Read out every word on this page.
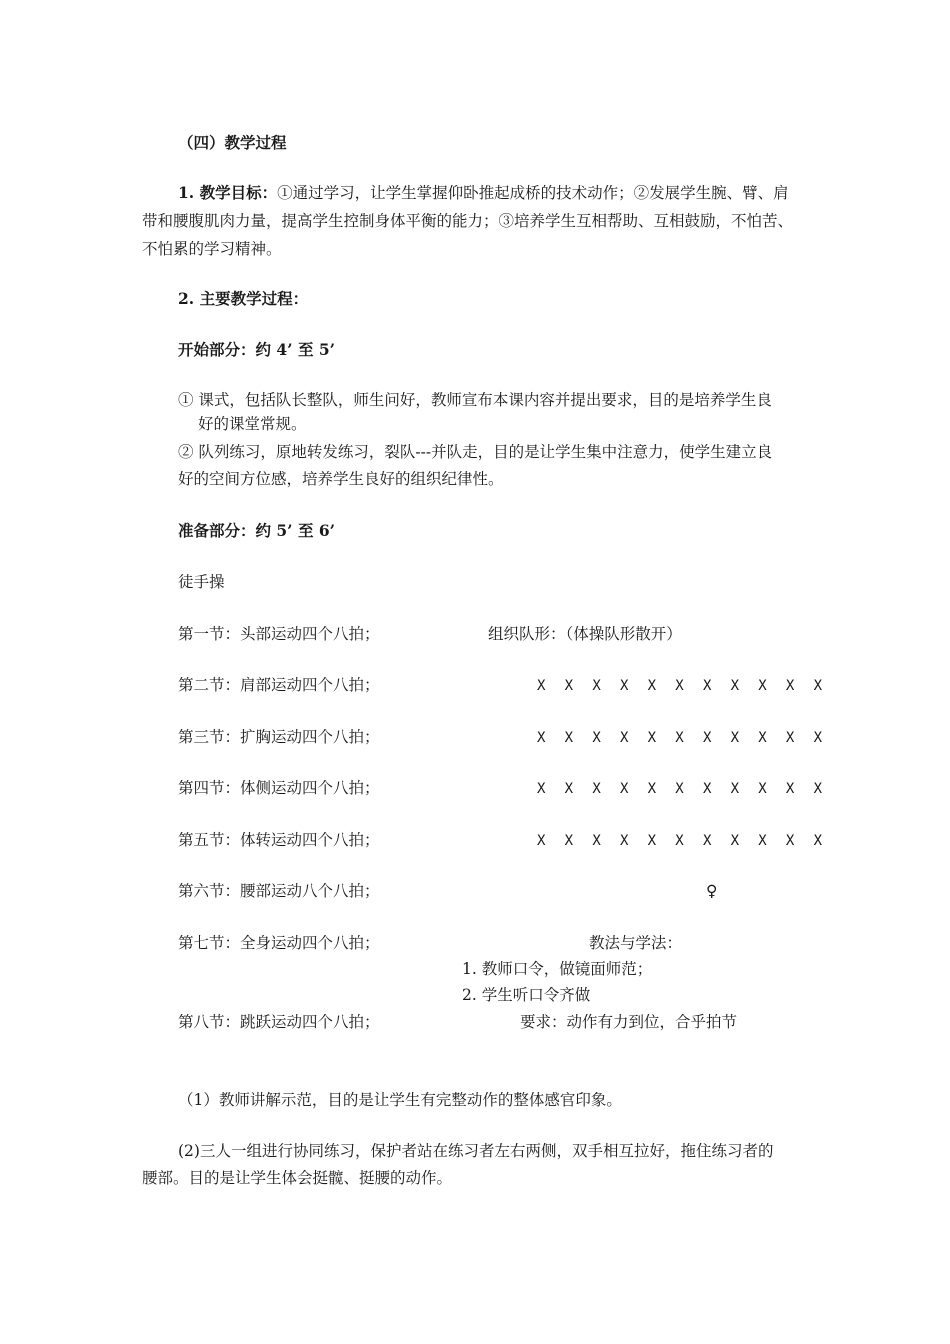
（四）教学过程
1. 教学目标：①通过学习，让学生掌握仰卧推起成桥的技术动作；②发展学生腕、臂、肩
带和腰腹肌肉力量，提高学生控制身体平衡的能力；③培养学生互相帮助、互相鼓励，不怕苦、
不怕累的学习精神。
2. 主要教学过程：
开始部分：约 4’ 至 5’
① 课式，包括队长整队，师生问好，教师宣布本课内容并提出要求，目的是培养学生良
好的课堂常规。
② 队列练习，原地转发练习，裂队---并队走，目的是让学生集中注意力，使学生建立良
好的空间方位感，培养学生良好的组织纪律性。
准备部分：约 5’ 至 6’
徒手操
第一节：头部运动四个八拍；
第二节：肩部运动四个八拍；
第三节：扩胸运动四个八拍；
第四节：体侧运动四个八拍；
第五节：体转运动四个八拍；
第六节：腰部运动八个八拍；
第七节：全身运动四个八拍；
第八节：跳跃运动四个八拍；
组织队形：（体操队形散开）
X X X X X X X X X X X
X X X X X X X X X X X
X X X X X X X X X X X
X X X X X X X X X X X
♀
教法与学法：
1. 教师口令，做镜面师范；
2. 学生听口令齐做
要求：动作有力到位，合乎拍节
（1）教师讲解示范，目的是让学生有完整动作的整体感官印象。
(2)三人一组进行协同练习，保护者站在练习者左右两侧，双手相互拉好，拖住练习者的
腰部。目的是让学生体会挺髋、挺腰的动作。
